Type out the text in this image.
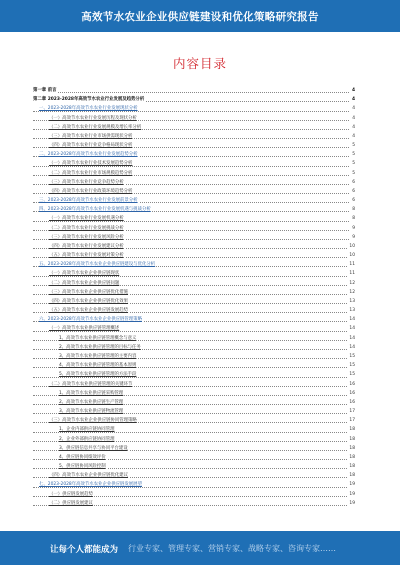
高效节水农业企业供应链建设和优化策略研究报告
内容目录
第一章 前言	4
第二章 2023-2028年高效节水农业行业发展及趋势分析	4
一、2023-2028年高效节水农业行业发展现状分析	4
（一）高效节水农业行业发展历程及现状分析	4
（二）高效节水农业行业发展规模及增长率分析	4
（三）高效节水农业行业市场供需现状分析	4
（四）高效节水农业行业竞争格局现状分析	5
二、2023-2028年高效节水农业行业发展趋势分析	5
（一）高效节水农业行业技术发展趋势分析	5
（二）高效节水农业行业市场规模趋势分析	5
（三）高效节水农业行业竞争趋势分析	6
（四）高效节水农业行业政策环境趋势分析	6
三、2023-2028年高效节水农业行业发展前景分析	6
四、2023-2028年高效节水农业行业发展机遇与挑战分析	8
（一）高效节水农业行业发展机遇分析	8
（二）高效节水农业行业发展挑战分析	9
（三）高效节水农业行业发展风险分析	9
（四）高效节水农业行业发展建议分析	10
（五）高效节水农业行业发展对策分析	10
五、2023-2028年高效节水农业企业供应链建设与优化分析	11
（一）高效节水农业企业供应链现状	11
（二）高效节水农业企业供应链问题	12
（三）高效节水农业企业供应链优化措施	12
（四）高效节水农业企业供应链优化效果	13
（五）高效节水农业企业供应链发展趋势	13
六、2023-2028年高效节水农业企业供应链管理策略	14
（一）高效节水农业供应链管理概述	14
1、高效节水农业供应链管理概念与意义	14
2、高效节水农业供应链管理的目标与任务	14
3、高效节水农业供应链管理的主要内容	15
4、高效节水农业供应链管理的基本原则	15
5、高效节水农业供应链管理的方法手段	15
（二）高效节水农业供应链管理的关键环节	16
1、高效节水农业供应链采购管理	16
2、高效节水农业供应链生产管理	16
3、高效节水农业供应链物流管理	17
（三）高效节水农业企业供应链协同管理策略	17
1、企业内部供应链协同管理	18
2、企业外部供应链协同管理	18
3、供应链信息共享与协同平台建设	18
4、供应链协同绩效评价	18
5、供应链协同风险控制	18
（四）高效节水农业企业供应链优化建议	18
七、2023-2028年高效节水农业企业供应链发展展望	19
（一）供应链发展趋势	19
（二）供应链发展建议	19
让每个人都能成为 行业专家、管理专家、营销专家、战略专家、咨询专家……
